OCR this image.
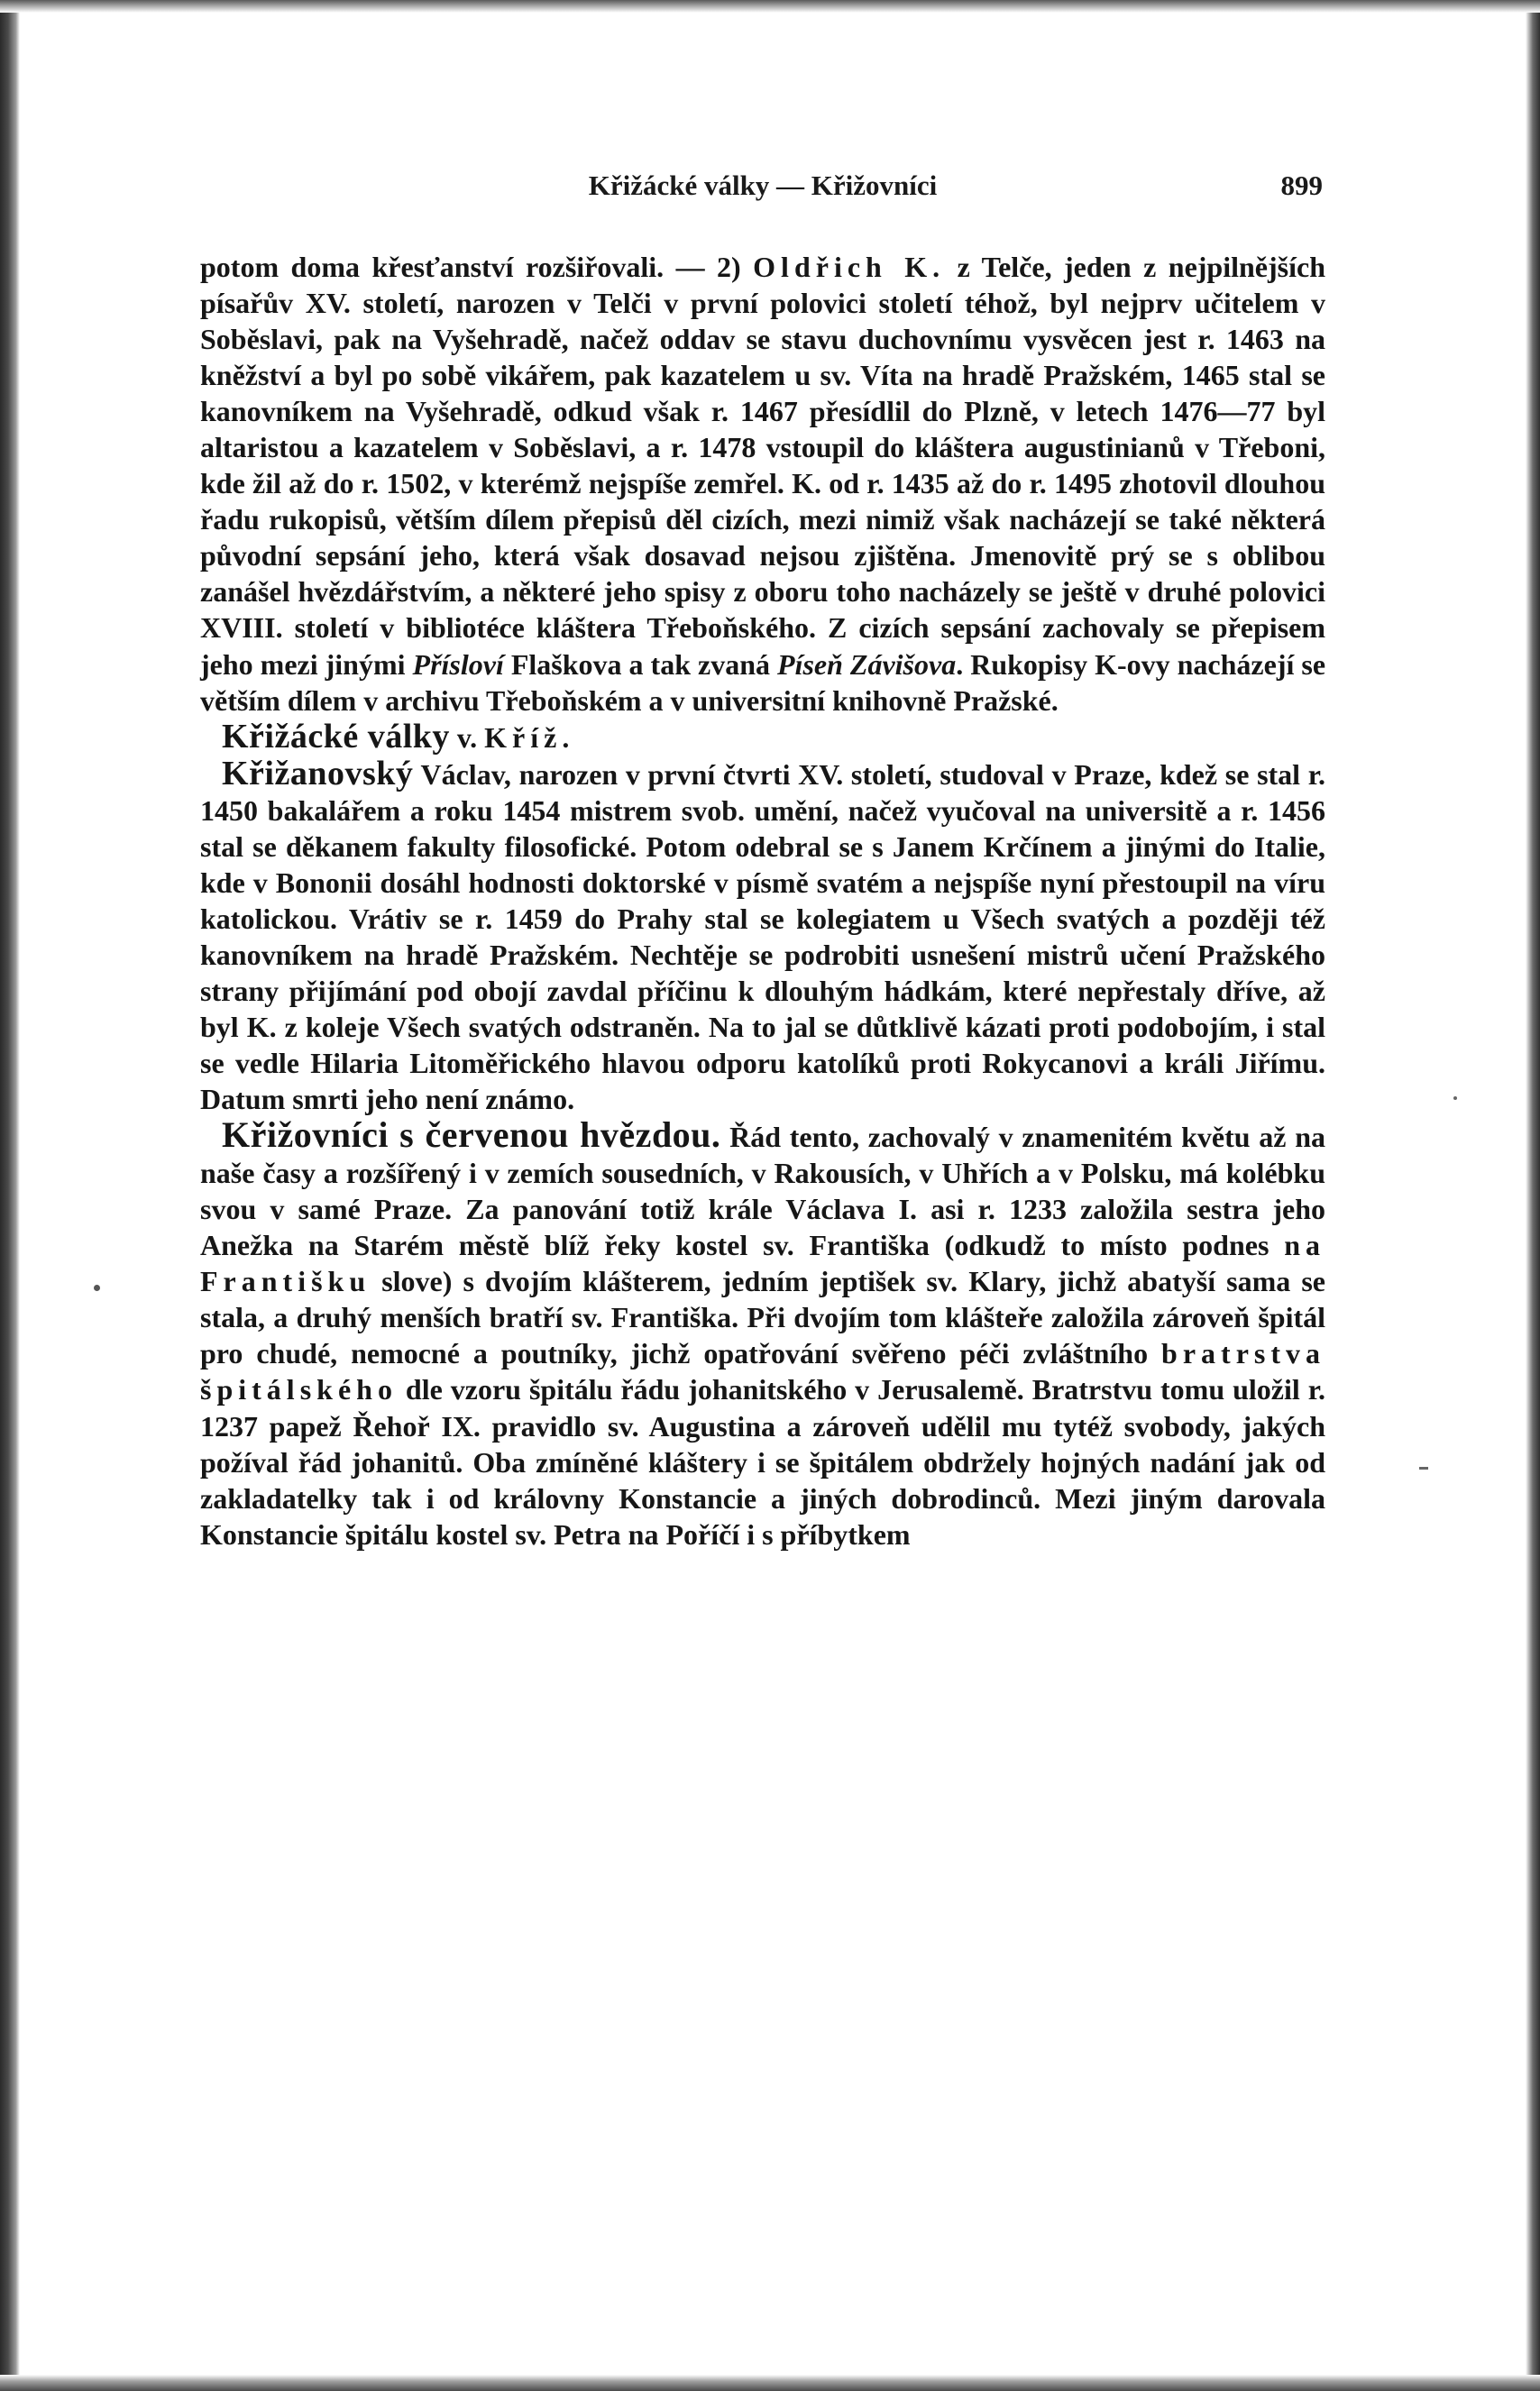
Křižácké války — Křižovníci	899

potom doma křesťanství rozšiřovali. — 2) Oldřich K. z Telče, jeden z nejpilnějších písařův XV. století, narozen v Telči v první polovici století téhož, byl nejprv učitelem v Soběslavi, pak na Vyšehradě, načež oddav se stavu duchovnímu vysvěcen jest r. 1463 na kněžství a byl po sobě vikářem, pak kazatelem u sv. Víta na hradě Pražském, 1465 stal se kanovníkem na Vyšehradě, odkud však r. 1467 přesídlil do Plzně, v letech 1476—77 byl altaristou a kazatelem v Soběslavi, a r. 1478 vstoupil do kláštera augustinianů v Třeboni, kde žil až do r. 1502, v kterémž nejspíše zemřel. K. od r. 1435 až do r. 1495 zhotovil dlouhou řadu rukopisů, větším dílem přepisů děl cizích, mezi nimiž však nacházejí se také některá původní sepsání jeho, která však dosavad nejsou zjištěna. Jmenovitě prý se s oblibou zanášel hvězdářstvím, a některé jeho spisy z oboru toho nacházely se ještě v druhé polovici XVIII. století v bibliotéce kláštera Třeboňského. Z cizích sepsání zachovaly se přepisem jeho mezi jinými Přísloví Flaškova a tak zvaná Píseň Závišova. Rukopisy K-ovy nacházejí se větším dílem v archivu Třeboňském a v universitní knihovně Pražské.

Křižácké války v. Kříž.

Křižanovský Václav, narozen v první čtvrti XV. století, studoval v Praze, kdež se stal r. 1450 bakalářem a roku 1454 mistrem svob. umění, načež vyučoval na universitě a r. 1456 stal se děkanem fakulty filosofické. Potom odebral se s Janem Krčínem a jinými do Italie, kde v Bononii dosáhl hodnosti doktorské v písmě svatém a nejspíše nyní přestoupil na víru katolickou. Vrátiv se r. 1459 do Prahy stal se kolegiatem u Všech svatých a později též kanovníkem na hradě Pražském. Nechtěje se podrobiti usnešení mistrů učení Pražského strany přijímání pod obojí zavdal příčinu k dlouhým hádkám, které nepřestaly dříve, až byl K. z koleje Všech svatých odstraněn. Na to jal se důtklivě kázati proti podobojím, i stal se vedle Hilaria Litoměřického hlavou odporu katolíků proti Rokycanovi a králi Jiřímu. Datum smrti jeho není známo.

Křižovníci s červenou hvězdou. Řád tento, zachovalý v znamenitém květu až na naše časy a rozšířený i v zemích sousedních, v Rakousích, v Uhřích a v Polsku, má kolébku svou v samé Praze. Za panování totiž krále Václava I. asi r. 1233 založila sestra jeho Anežka na Starém městě blíž řeky kostel sv. Františka (odkudž to místo podnes na Františku slove) s dvojím klášterem, jedním jeptišek sv. Klary, jichž abatyší sama se stala, a druhý menších bratří sv. Františka. Při dvojím tom klášteře založila zároveň špitál pro chudé, nemocné a poutníky, jichž opatřování svěřeno péči zvláštního bratrstva špitálského dle vzoru špitálu řádu johanitského v Jerusalemě. Bratrstvu tomu uložil r. 1237 papež Řehoř IX. pravidlo sv. Augustina a zároveň udělil mu tytéž svobody, jakých požíval řád johanitů. Oba zmíněné kláštery i se špitálem obdržely hojných nadání jak od zakladatelky tak i od královny Konstancie a jiných dobrodinců. Mezi jiným darovala Konstancie špitálu kostel sv. Petra na Poříčí i s příbytkem
